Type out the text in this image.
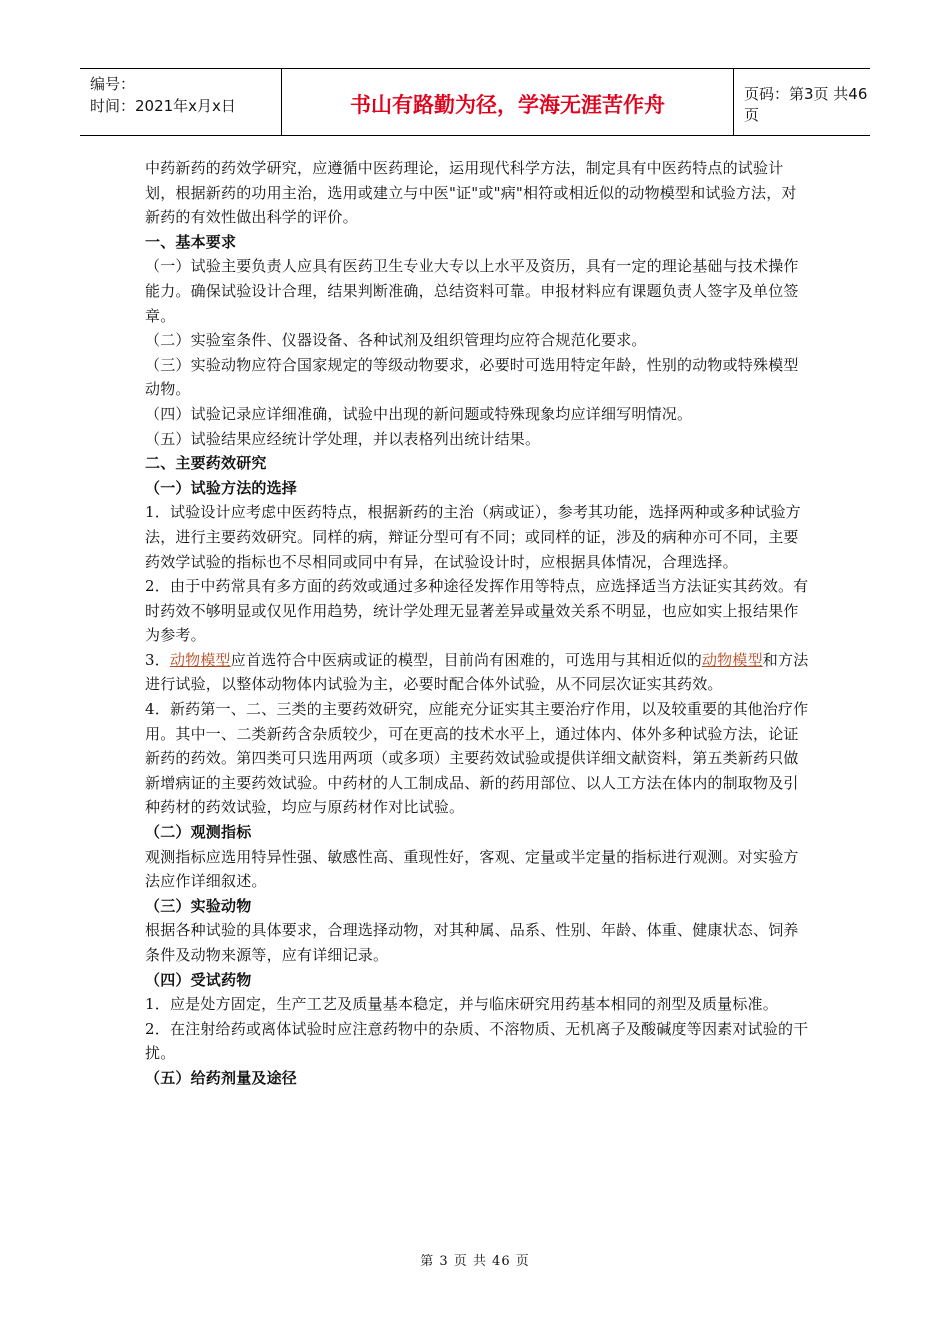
编号：
时间：2021年x月x日	书山有路勤为径，学海无涯苦作舟	页码：第3页 共46页

中药新药的药效学研究，应遵循中医药理论，运用现代科学方法，制定具有中医药特点的试验计划，根据新药的功用主治，选用或建立与中医"证"或"病"相符或相近似的动物模型和试验方法，对新药的有效性做出科学的评价。

一、基本要求

（一）试验主要负责人应具有医药卫生专业大专以上水平及资历，具有一定的理论基础与技术操作能力。确保试验设计合理，结果判断准确，总结资料可靠。申报材料应有课题负责人签字及单位签章。

（二）实验室条件、仪器设备、各种试剂及组织管理均应符合规范化要求。

（三）实验动物应符合国家规定的等级动物要求，必要时可选用特定年龄，性别的动物或特殊模型动物。

（四）试验记录应详细准确，试验中出现的新问题或特殊现象均应详细写明情况。

（五）试验结果应经统计学处理，并以表格列出统计结果。

二、主要药效研究

（一）试验方法的选择

1．试验设计应考虑中医药特点，根据新药的主治（病或证），参考其功能，选择两种或多种试验方法，进行主要药效研究。同样的病，辩证分型可有不同；或同样的证，涉及的病种亦可不同，主要药效学试验的指标也不尽相同或同中有异，在试验设计时，应根据具体情况，合理选择。

2．由于中药常具有多方面的药效或通过多种途径发挥作用等特点，应选择适当方法证实其药效。有时药效不够明显或仅见作用趋势，统计学处理无显著差异或量效关系不明显，也应如实上报结果作为参考。

3．动物模型应首选符合中医病或证的模型，目前尚有困难的，可选用与其相近似的动物模型和方法进行试验，以整体动物体内试验为主，必要时配合体外试验，从不同层次证实其药效。

4．新药第一、二、三类的主要药效研究，应能充分证实其主要治疗作用，以及较重要的其他治疗作用。其中一、二类新药含杂质较少，可在更高的技术水平上，通过体内、体外多种试验方法，论证新药的药效。第四类可只选用两项（或多项）主要药效试验或提供详细文献资料，第五类新药只做新增病证的主要药效试验。中药材的人工制成品、新的药用部位、以人工方法在体内的制取物及引种药材的药效试验，均应与原药材作对比试验。

（二）观测指标

观测指标应选用特异性强、敏感性高、重现性好，客观、定量或半定量的指标进行观测。对实验方法应作详细叙述。

（三）实验动物

根据各种试验的具体要求，合理选择动物，对其种属、品系、性别、年龄、体重、健康状态、饲养条件及动物来源等，应有详细记录。

（四）受试药物

1．应是处方固定，生产工艺及质量基本稳定，并与临床研究用药基本相同的剂型及质量标准。

2．在注射给药或离体试验时应注意药物中的杂质、不溶物质、无机离子及酸碱度等因素对试验的干扰。

（五）给药剂量及途径

第 3 页 共 46 页
